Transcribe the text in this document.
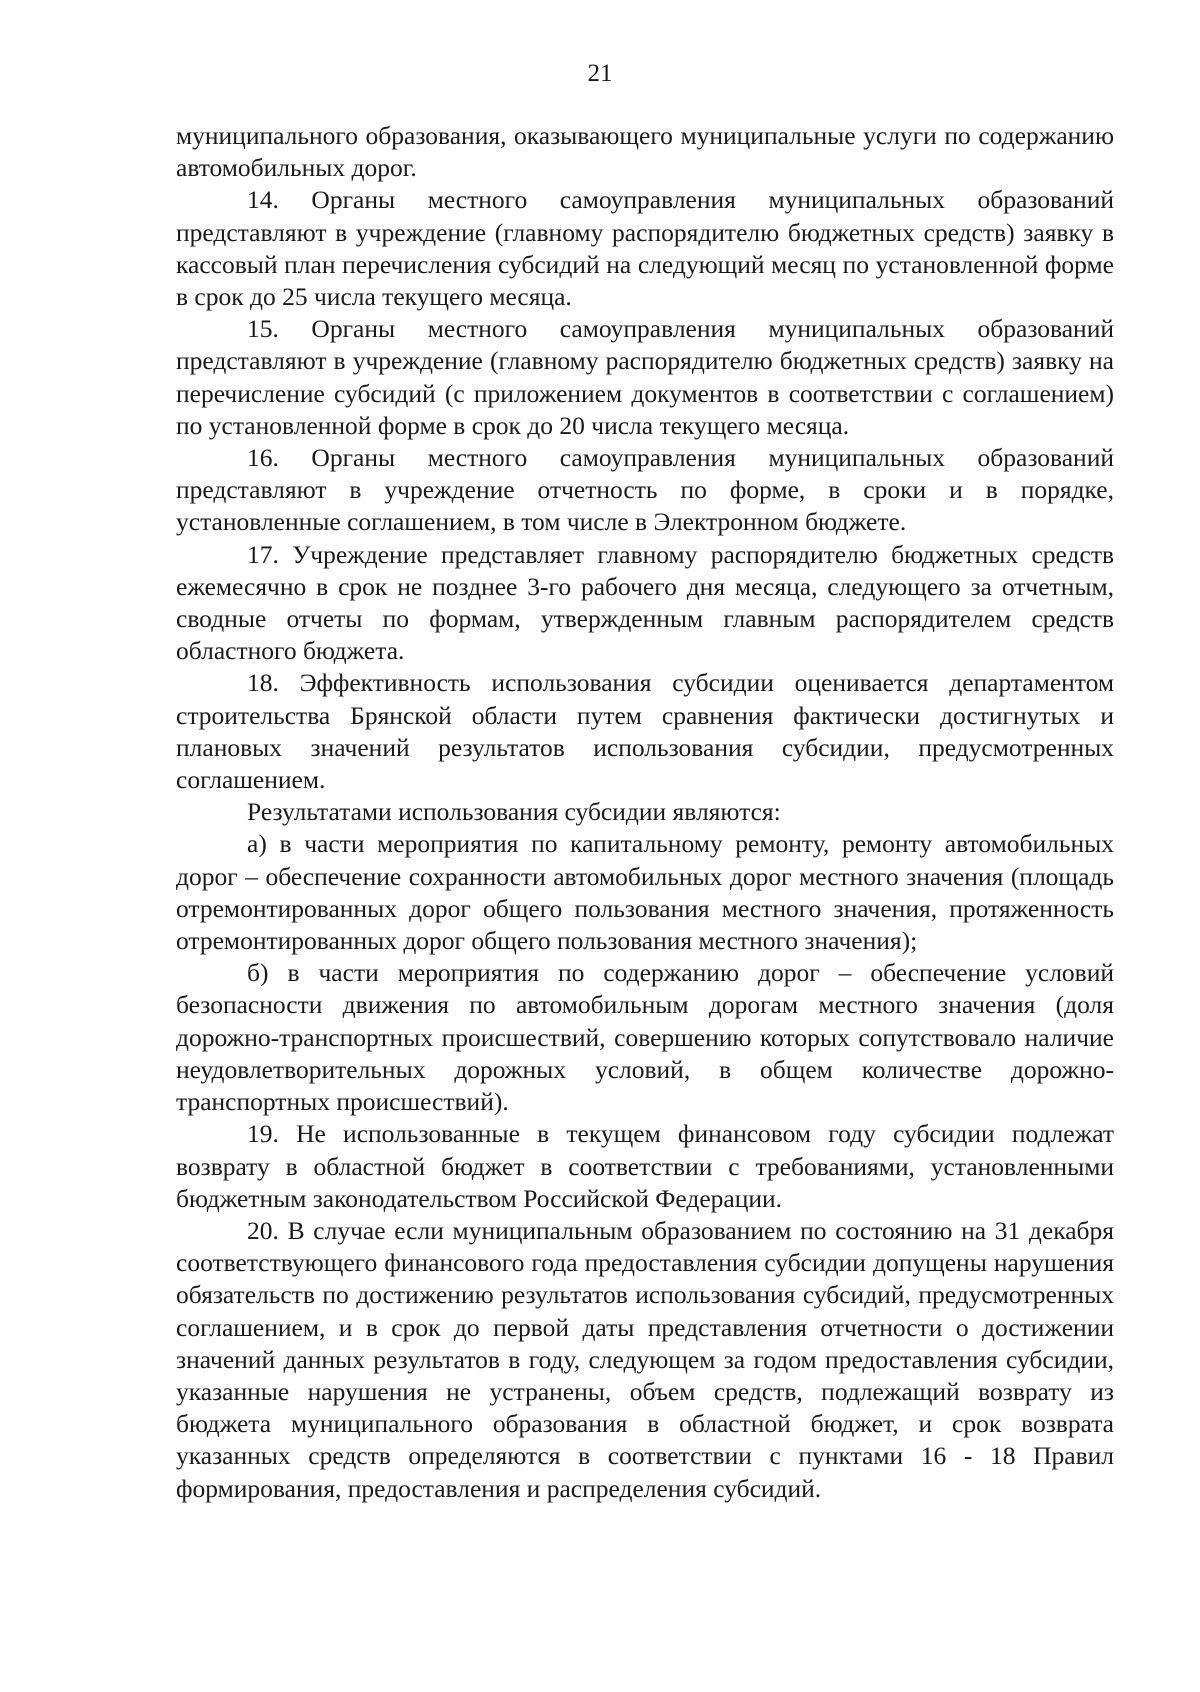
21

муниципального образования, оказывающего муниципальные услуги по содержанию автомобильных дорог.

14. Органы местного самоуправления муниципальных образований представляют в учреждение (главному распорядителю бюджетных средств) заявку в кассовый план перечисления субсидий на следующий месяц по установленной форме в срок до 25 числа текущего месяца.

15. Органы местного самоуправления муниципальных образований представляют в учреждение (главному распорядителю бюджетных средств) заявку на перечисление субсидий (с приложением документов в соответствии с соглашением) по установленной форме в срок до 20 числа текущего месяца.

16. Органы местного самоуправления муниципальных образований представляют в учреждение отчетность по форме, в сроки и в порядке, установленные соглашением, в том числе в Электронном бюджете.

17. Учреждение представляет главному распорядителю бюджетных средств ежемесячно в срок не позднее 3-го рабочего дня месяца, следующего за отчетным, сводные отчеты по формам, утвержденным главным распорядителем средств областного бюджета.

18. Эффективность использования субсидии оценивается департаментом строительства Брянской области путем сравнения фактически достигнутых и плановых значений результатов использования субсидии, предусмотренных соглашением.

Результатами использования субсидии являются:

а) в части мероприятия по капитальному ремонту, ремонту автомобильных дорог – обеспечение сохранности автомобильных дорог местного значения (площадь отремонтированных дорог общего пользования местного значения, протяженность отремонтированных дорог общего пользования местного значения);

б) в части мероприятия по содержанию дорог – обеспечение условий безопасности движения по автомобильным дорогам местного значения (доля дорожно-транспортных происшествий, совершению которых сопутствовало наличие неудовлетворительных дорожных условий, в общем количестве дорожно-транспортных происшествий).

19. Не использованные в текущем финансовом году субсидии подлежат возврату в областной бюджет в соответствии с требованиями, установленными бюджетным законодательством Российской Федерации.

20. В случае если муниципальным образованием по состоянию на 31 декабря соответствующего финансового года предоставления субсидии допущены нарушения обязательств по достижению результатов использования субсидий, предусмотренных соглашением, и в срок до первой даты представления отчетности о достижении значений данных результатов в году, следующем за годом предоставления субсидии, указанные нарушения не устранены, объем средств, подлежащий возврату из бюджета муниципального образования в областной бюджет, и срок возврата указанных средств определяются в соответствии с пунктами 16 - 18 Правил формирования, предоставления и распределения субсидий.
